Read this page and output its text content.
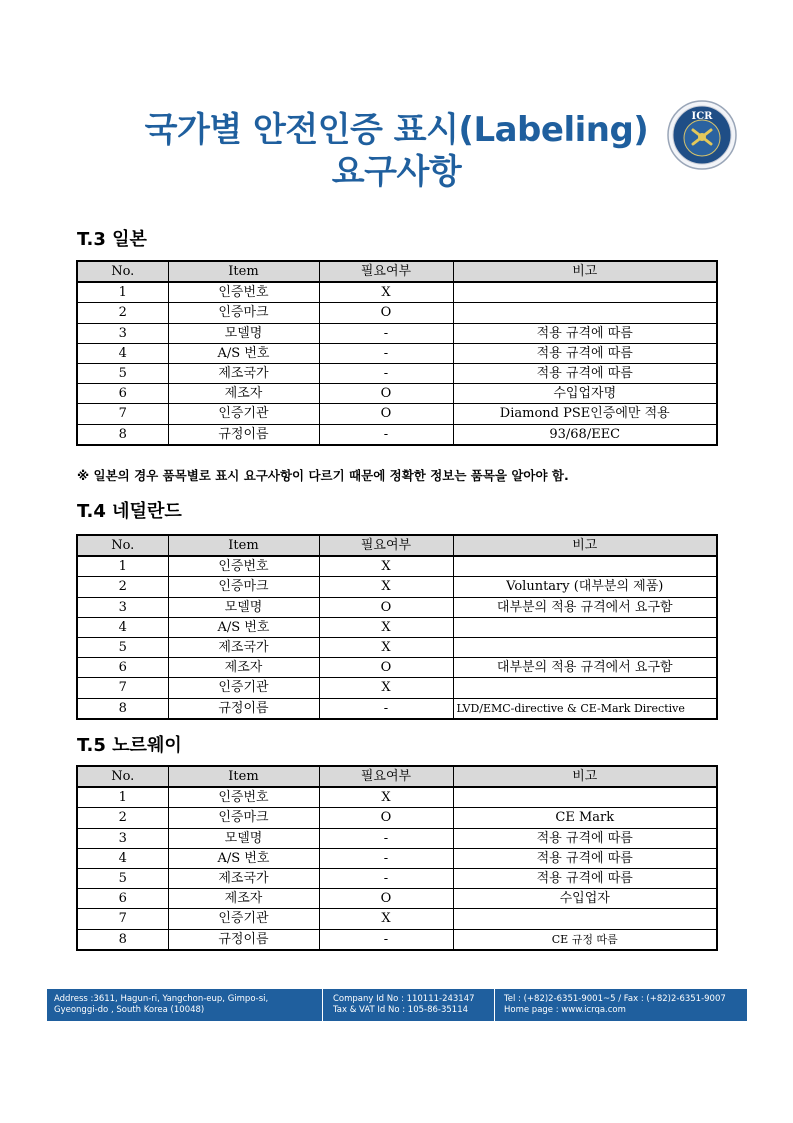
국가별 안전인증 표시(Labeling)
요구사항
ICR
T.3 일본
No.	Item	필요여부	비고
1	인증번호	X	
2	인증마크	O	
3	모델명	-	적용 규격에 따름
4	A/S 번호	-	적용 규격에 따름
5	제조국가	-	적용 규격에 따름
6	제조자	O	수입업자명
7	인증기관	O	Diamond PSE인증에만 적용
8	규정이름	-	93/68/EEC
※ 일본의 경우 품목별로 표시 요구사항이 다르기 때문에 정확한 정보는 품목을 알아야 함.
T.4 네덜란드
No.	Item	필요여부	비고
1	인증번호	X	
2	인증마크	X	Voluntary (대부분의 제품)
3	모델명	O	대부분의 적용 규격에서 요구함
4	A/S 번호	X	
5	제조국가	X	
6	제조자	O	대부분의 적용 규격에서 요구함
7	인증기관	X	
8	규정이름	-	LVD/EMC-directive & CE-Mark Directive
T.5 노르웨이
No.	Item	필요여부	비고
1	인증번호	X	
2	인증마크	O	CE Mark
3	모델명	-	적용 규격에 따름
4	A/S 번호	-	적용 규격에 따름
5	제조국가	-	적용 규격에 따름
6	제조자	O	수입업자
7	인증기관	X	
8	규정이름	-	CE 규정 따름
Address :3611, Hagun-ri, Yangchon-eup, Gimpo-si,
Gyeonggi-do , South Korea (10048)
Company Id No : 110111-243147
Tax & VAT Id No : 105-86-35114
Tel : (+82)2-6351-9001~5 / Fax : (+82)2-6351-9007
Home page : www.icrqa.com
